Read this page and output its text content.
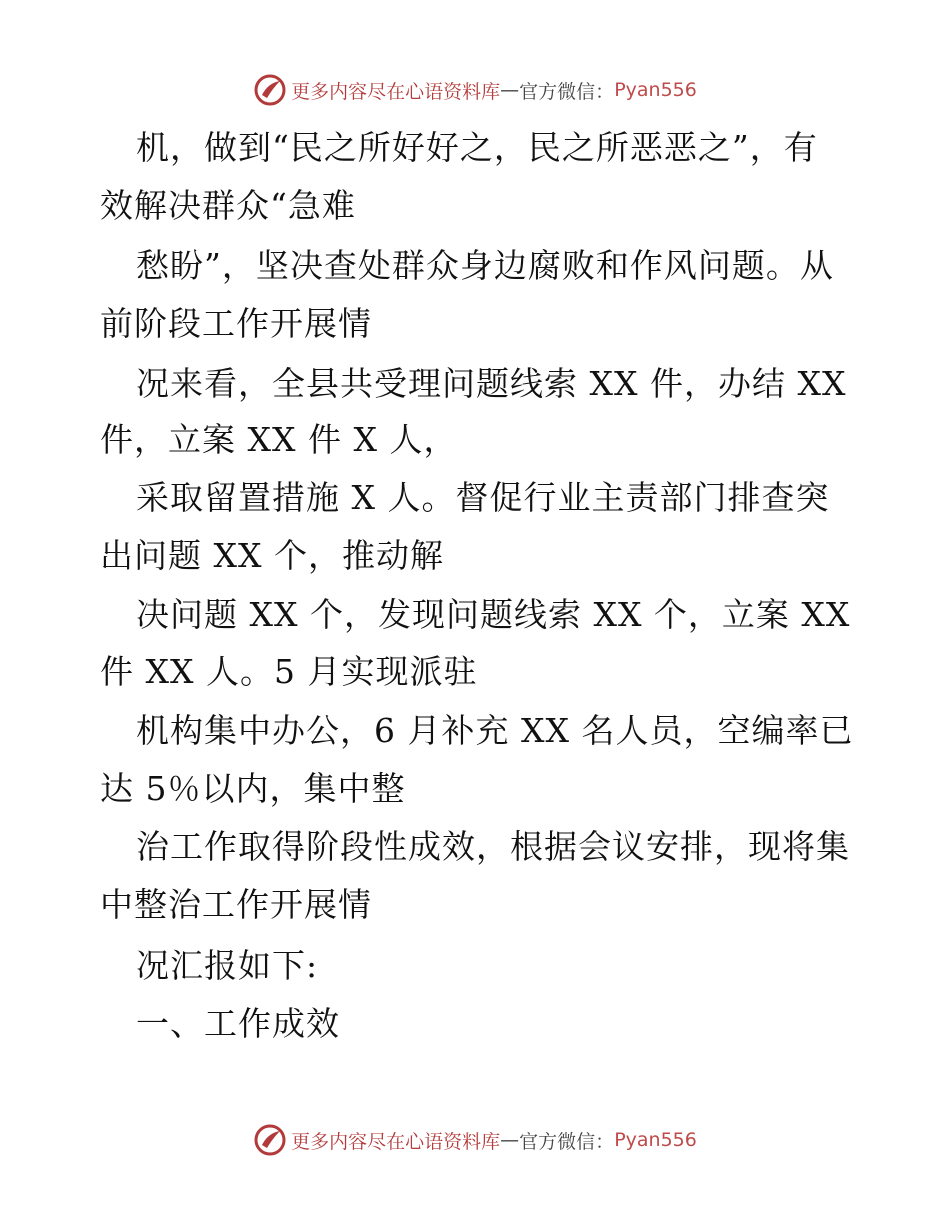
更多内容尽在心语资料库 — 官方微信： Pyan556
机，做到“民之所好好之，民之所恶恶之”，有
效解决群众“急难
愁盼”，坚决查处群众身边腐败和作风问题。从
前阶段工作开展情
况来看，全县共受理问题线索 XX 件，办结 XX
件，立案 XX 件 X 人，
采取留置措施 X 人。督促行业主责部门排查突
出问题 XX 个，推动解
决问题 XX 个，发现问题线索 XX 个，立案 XX
件 XX 人。5 月实现派驻
机构集中办公，6 月补充 XX 名人员，空编率已
达 5％以内，集中整
治工作取得阶段性成效，根据会议安排，现将集
中整治工作开展情
况汇报如下:
一、工作成效
更多内容尽在心语资料库 — 官方微信： Pyan556
